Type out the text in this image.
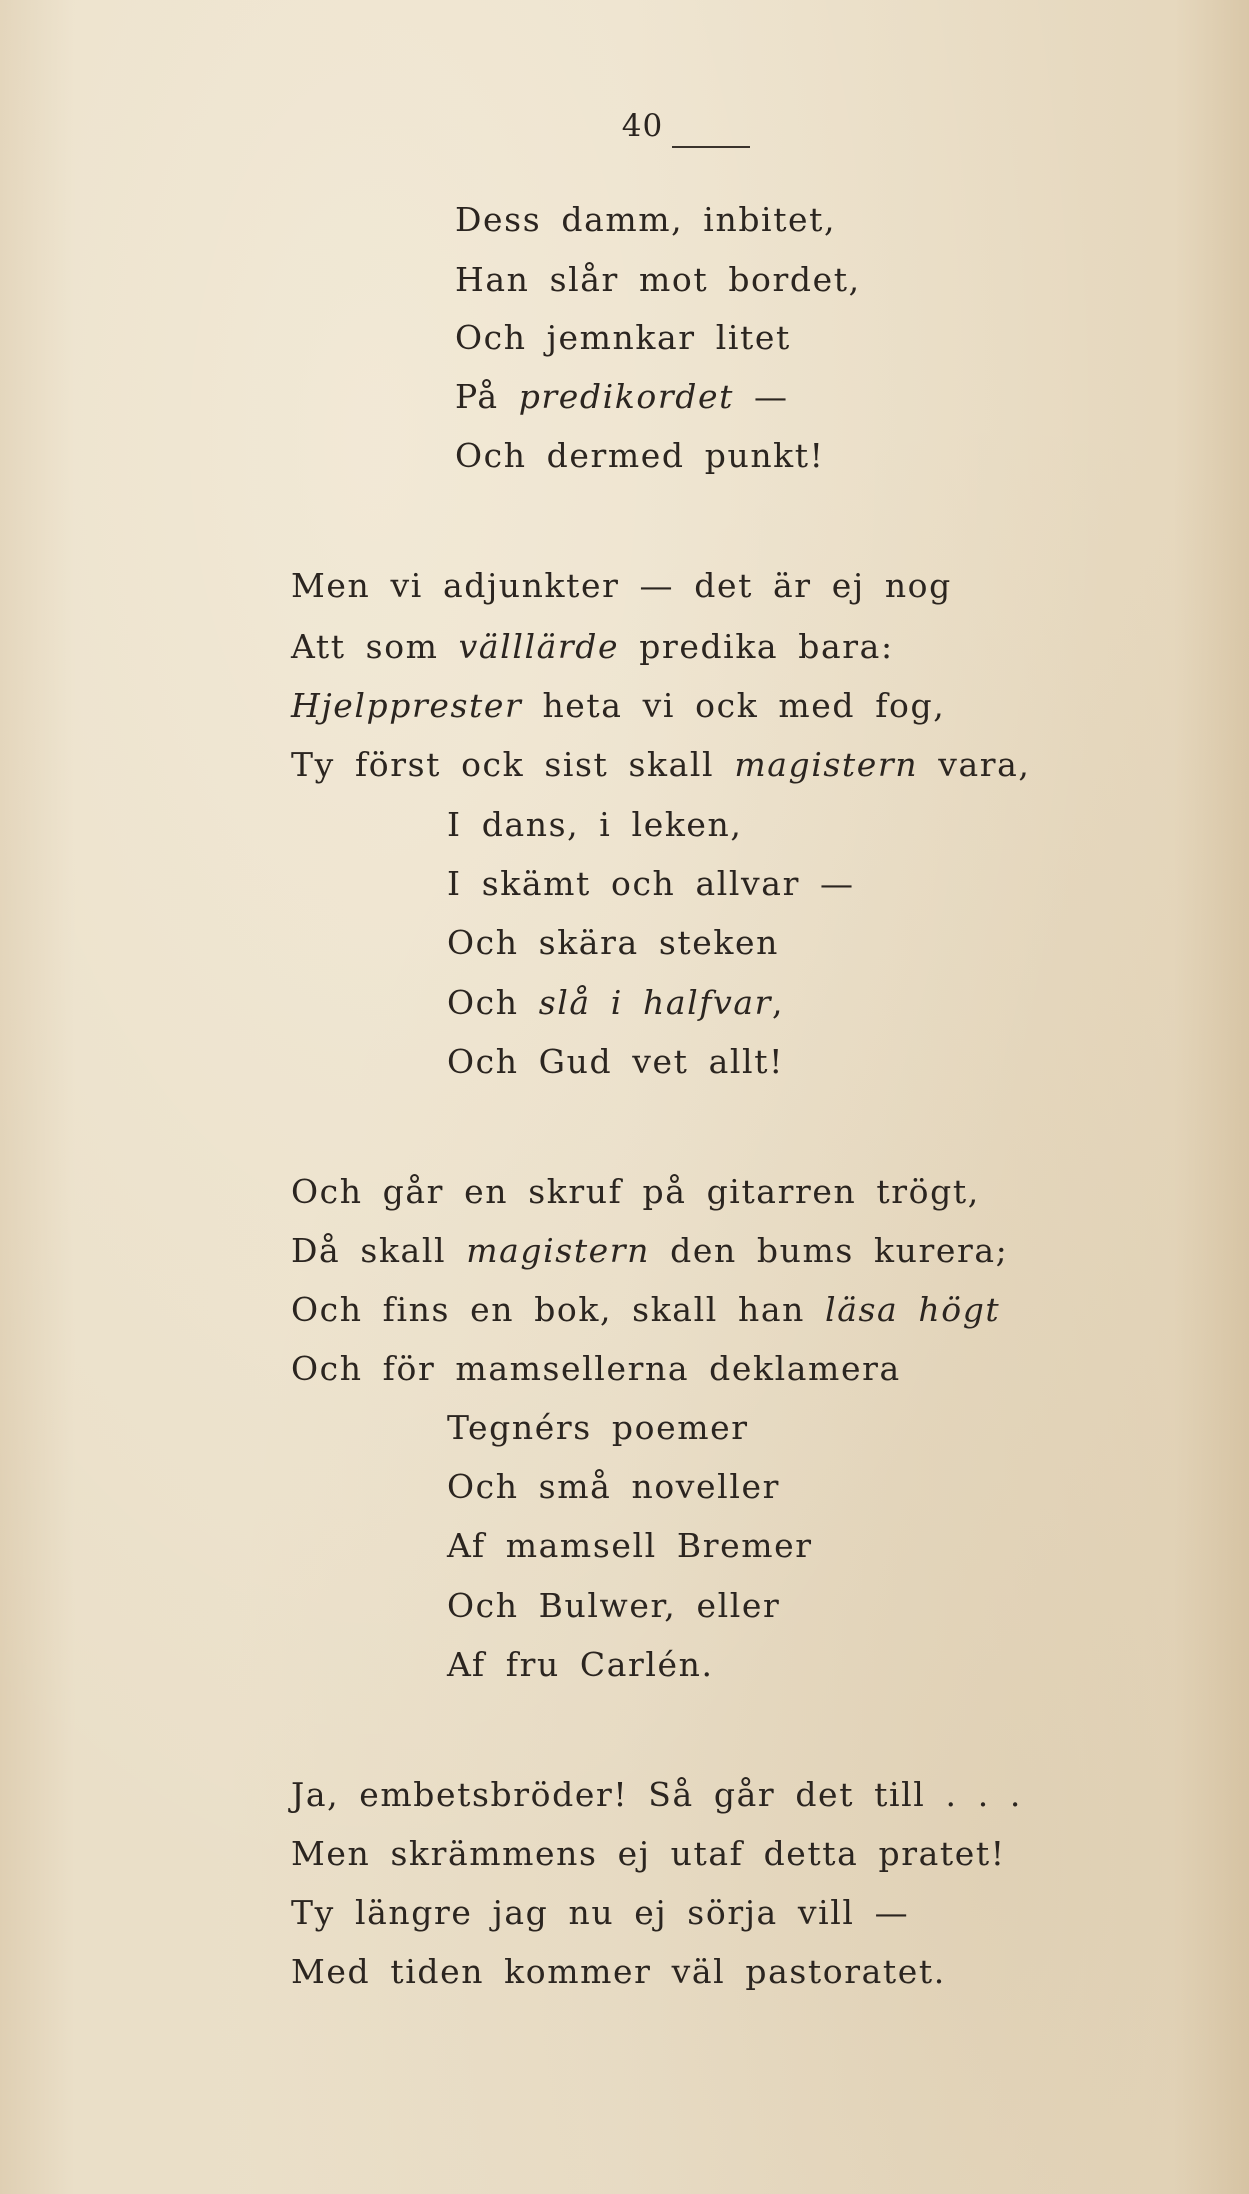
40
Dess damm, inbitet,
Han slår mot bordet,
Och jemnkar litet
På predikordet —
Och dermed punkt!
Men vi adjunkter — det är ej nog
Att som välllärde predika bara:
Hjelpprester heta vi ock med fog,
Ty först ock sist skall magistern vara,
I dans, i leken,
I skämt och allvar —
Och skära steken
Och slå i halfvar,
Och Gud vet allt!
Och går en skruf på gitarren trögt,
Då skall magistern den bums kurera;
Och fins en bok, skall han läsa högt
Och för mamsellerna deklamera
Tegnérs poemer
Och små noveller
Af mamsell Bremer
Och Bulwer, eller
Af fru Carlén.
Ja, embetsbröder! Så går det till . . .
Men skrämmens ej utaf detta pratet!
Ty längre jag nu ej sörja vill —
Med tiden kommer väl pastoratet.
